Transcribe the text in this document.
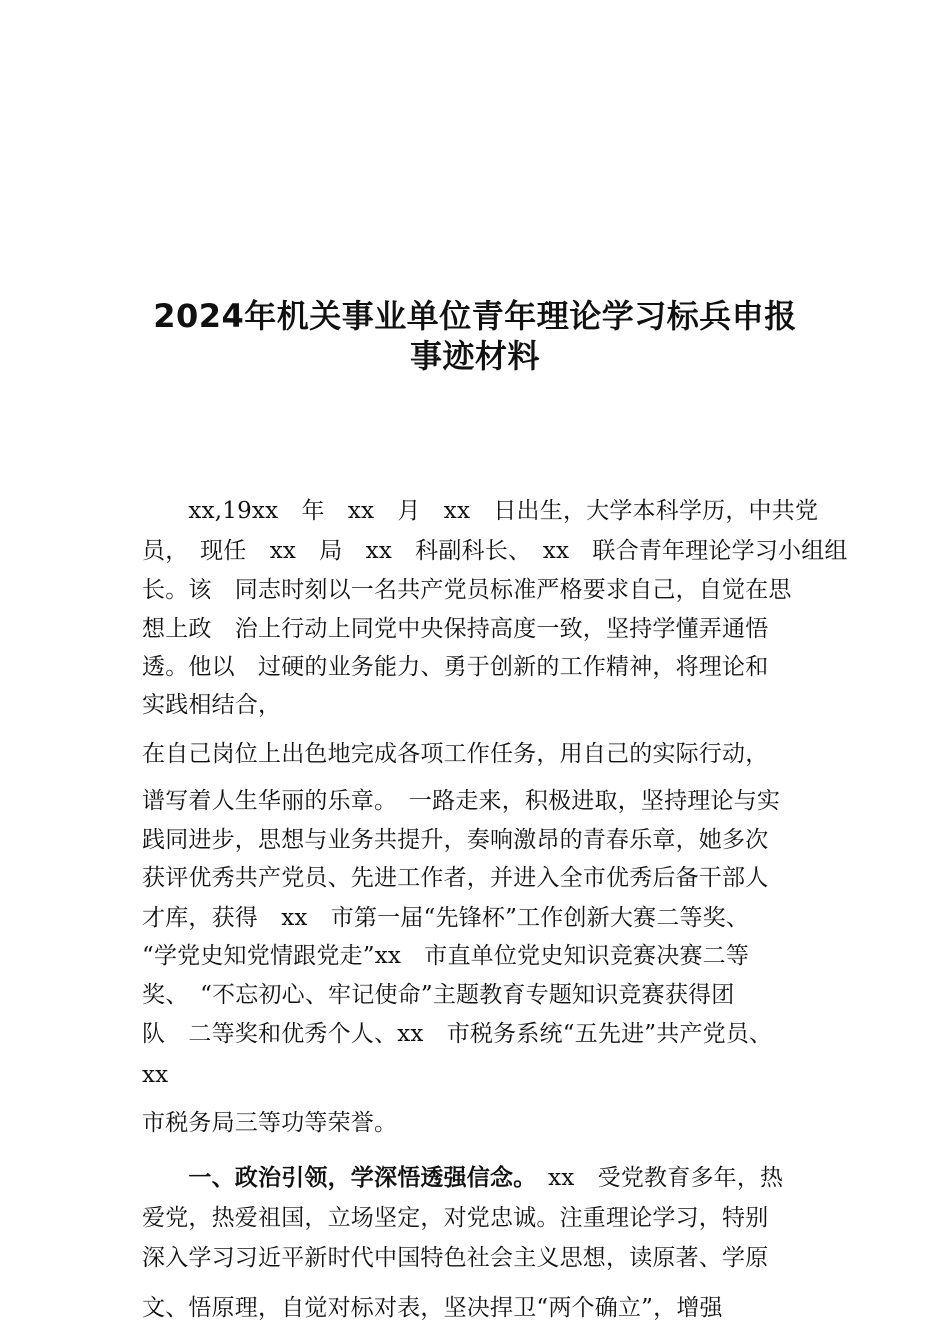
2024年机关事业单位青年理论学习标兵申报
事迹材料
　　xx,19xx　年　xx　月　xx　日出生，大学本科学历，中共党
员，　现任　xx　局　xx　科副科长、　xx　联合青年理论学习小组组
长。该　同志时刻以一名共产党员标准严格要求自己，自觉在思
想上政　治上行动上同党中央保持高度一致，坚持学懂弄通悟
透。他以　过硬的业务能力、勇于创新的工作精神，将理论和
实践相结合，
在自己岗位上出色地完成各项工作任务，用自己的实际行动，
谱写着人生华丽的乐章。　一路走来，积极进取，坚持理论与实
践同进步，思想与业务共提升，奏响激昂的青春乐章，她多次
获评优秀共产党员、先进工作者，并进入全市优秀后备干部人
才库，获得　xx　市第一届“先锋杯”工作创新大赛二等奖、
“学党史知党情跟党走”xx　市直单位党史知识竞赛决赛二等
奖、　“不忘初心、牢记使命”主题教育专题知识竞赛获得团
队　二等奖和优秀个人、xx　市税务系统“五先进”共产党员、
xx
市税务局三等功等荣誉。
　　一、政治引领，学深悟透强信念。　xx　受党教育多年，热
爱党，热爱祖国，立场坚定，对党忠诚。注重理论学习，特别
深入学习习近平新时代中国特色社会主义思想，读原著、学原
文、悟原理，自觉对标对表，坚决捍卫“两个确立”，增强
